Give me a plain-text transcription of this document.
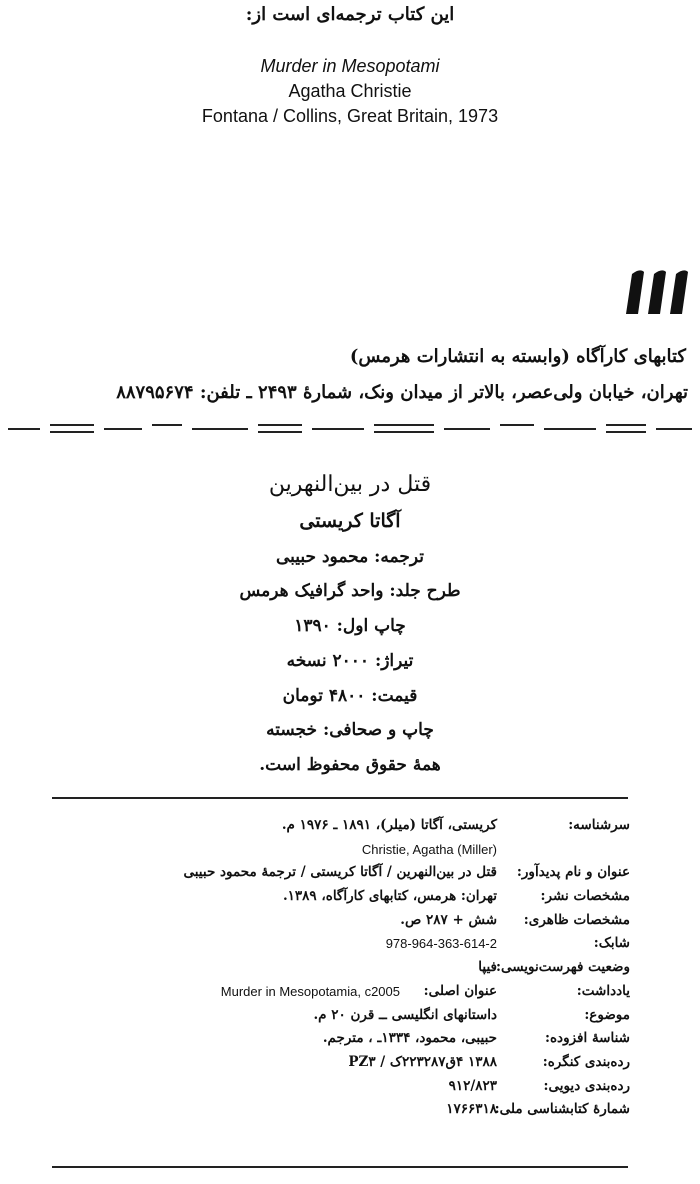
این کتاب ترجمه‌ای است از:
Murder in Mesopotami
Agatha Christie
Fontana / Collins, Great Britain, 1973
کتابهای کارآگاه (وابسته به انتشارات هرمس)
تهران، خیابان ولی‌عصر، بالاتر از میدان ونک، شمارهٔ ۲۴۹۳ ـ تلفن: ۸۸۷۹۵۶۷۴
قتل در بین‌النهرین
آگاتا کریستی
ترجمه: محمود حبیبی
طرح جلد: واحد گرافیک هرمس
چاپ اول: ۱۳۹۰
تیراژ: ۲۰۰۰ نسخه
قیمت: ۴۸۰۰ تومان
چاپ و صحافی: خجسته
همهٔ حقوق محفوظ است.
سرشناسه:
کریستی، آگاتا (میلر)، ۱۸۹۱ ـ ۱۹۷۶ م.
Christie, Agatha (Miller)
عنوان و نام پدیدآور:
قتل در بین‌النهرین / آگاتا کریستی / ترجمهٔ محمود حبیبی
مشخصات نشر:
تهران: هرمس، کتابهای کارآگاه، ۱۳۸۹.
مشخصات ظاهری:
شش + ۲۸۷ ص.
شابک:
978-964-363-614-2
وضعیت فهرست‌نویسی:
فیپا
یادداشت:
عنوان اصلی:
Murder in Mesopotamia, c2005
موضوع:
داستانهای انگلیسی ــ قرن ۲۰ م.
شناسهٔ افزوده:
حبیبی، محمود، ۱۳۳۴ـ ، مترجم.
رده‌بندی کنگره:
۱۳۸۸ ۴ق۲۲۳۲۸۷ک / PZ۳
رده‌بندی دیویی:
۹۱۲/۸۲۳
شمارهٔ کتابشناسی ملی:
۱۷۶۶۳۱۸
